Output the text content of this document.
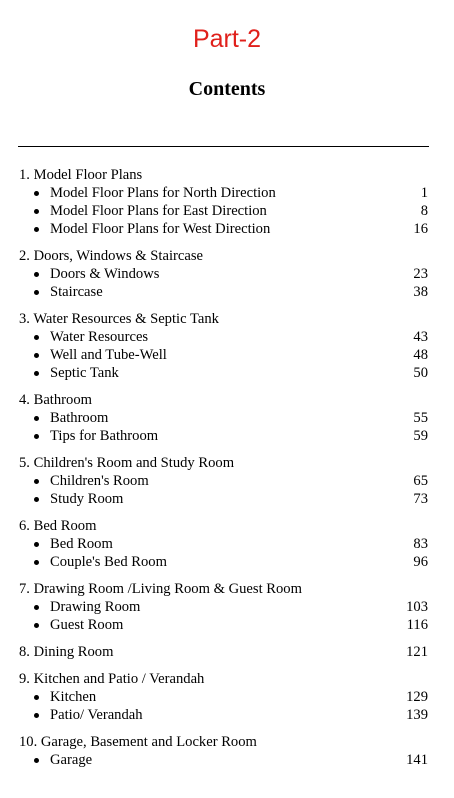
Part-2
Contents
1. Model Floor Plans
Model Floor Plans for North Direction	1
Model Floor Plans for East Direction	8
Model Floor Plans for West Direction	16
2. Doors, Windows & Staircase
Doors & Windows	23
Staircase	38
3. Water Resources & Septic Tank
Water Resources	43
Well and Tube-Well	48
Septic Tank	50
4. Bathroom
Bathroom	55
Tips for Bathroom	59
5. Children's Room and Study Room
Children's Room	65
Study Room	73
6. Bed Room
Bed Room	83
Couple's Bed Room	96
7. Drawing Room /Living Room & Guest Room
Drawing Room	103
Guest Room	116
8. Dining Room	121
9. Kitchen and Patio / Verandah
Kitchen	129
Patio/ Verandah	139
10. Garage, Basement and Locker Room
Garage	141
